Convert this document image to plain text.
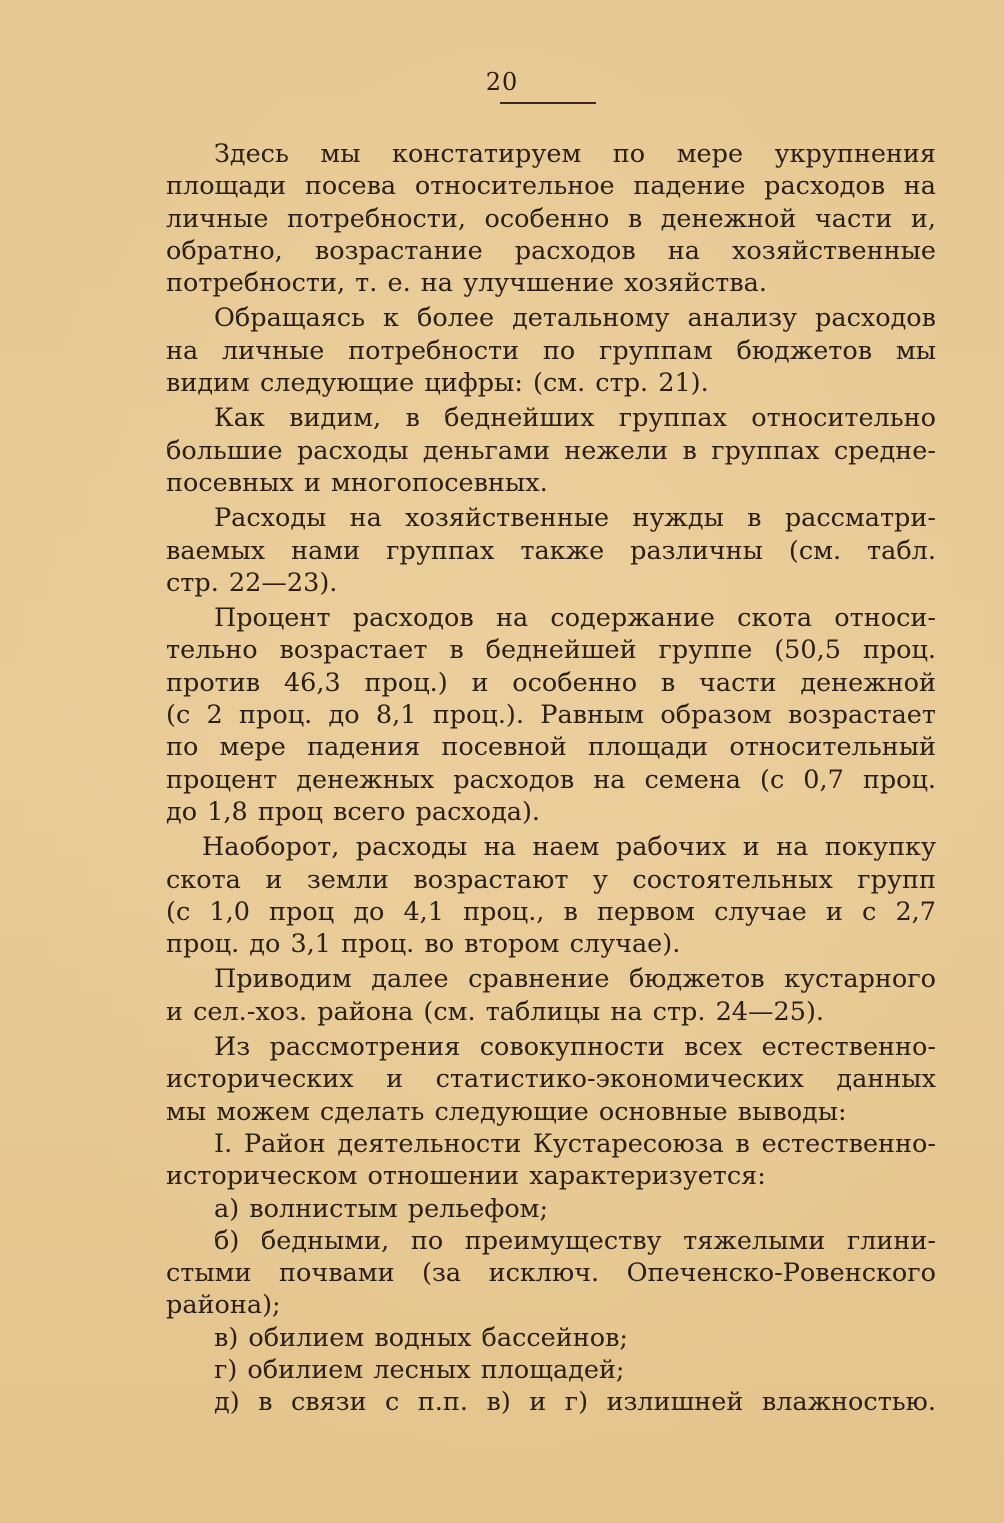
20
Здесь мы констатируем по мере укрупнения
площади посева относительное падение расходов на
личные потребности, особенно в денежной части и,
обратно, возрастание расходов на хозяйственные
потребности, т. е. на улучшение хозяйства.
Обращаясь к более детальному анализу расходов
на личные потребности по группам бюджетов мы
видим следующие цифры: (см. стр. 21).
Как видим, в беднейших группах относительно
большие расходы деньгами нежели в группах средне-
посевных и многопосевных.
Расходы на хозяйственные нужды в рассматри-
ваемых нами группах также различны (см. табл.
стр. 22—23).
Процент расходов на содержание скота относи-
тельно возрастает в беднейшей группе (50,5 проц.
против 46,3 проц.) и особенно в части денежной
(с 2 проц. до 8,1 проц.). Равным образом возрастает
по мере падения посевной площади относительный
процент денежных расходов на семена (с 0,7 проц.
до 1,8 проц всего расхода).
Наоборот, расходы на наем рабочих и на покупку
скота и земли возрастают у состоятельных групп
(с 1,0 проц до 4,1 проц., в первом случае и с 2,7
проц. до 3,1 проц. во втором случае).
Приводим далее сравнение бюджетов кустарного
и сел.-хоз. района (см. таблицы на стр. 24—25).
Из рассмотрения совокупности всех естественно-
исторических и статистико-экономических данных
мы можем сделать следующие основные выводы:
I. Район деятельности Кустаресоюза в естественно-
историческом отношении характеризуется:
а) волнистым рельефом;
б) бедными, по преимуществу тяжелыми глини-
стыми почвами (за исключ. Опеченско-Ровенского
района);
в) обилием водных бассейнов;
г) обилием лесных площадей;
д) в связи с п.п. в) и г) излишней влажностью.
